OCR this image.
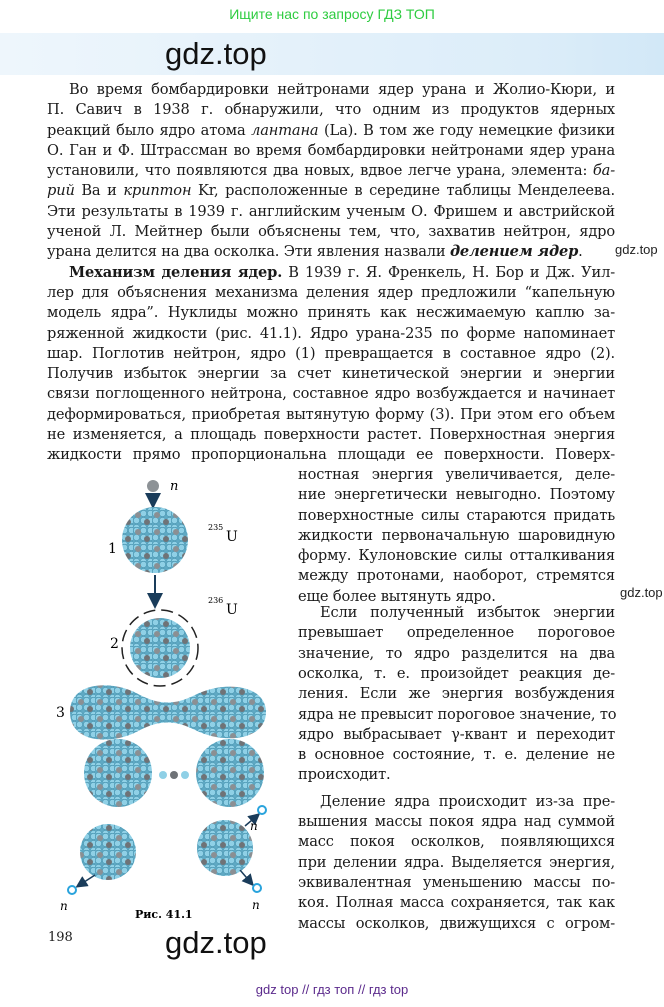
Ищите нас по запросу ГДЗ ТОП
gdz.top
Во время бомбардировки нейтронами ядер урана и Жолио-Кюри, и
П. Савич в 1938 г. обнаружили, что одним из продуктов ядерных
реакций было ядро атома лантана (La). В том же году немецкие физики
О. Ган и Ф. Штрассман во время бомбардировки нейтронами ядер урана
установили, что появляются два новых, вдвое легче урана, элемента: ба-
рий Ва и криптон Kr, расположенные в середине таблицы Менделеева.
Эти результаты в 1939 г. английским ученым О. Фришем и австрийской
ученой Л. Мейтнер были объяснены тем, что, захватив нейтрон, ядро
урана делится на два осколка. Эти явления назвали делением ядер.
Механизм деления ядер. В 1939 г. Я. Френкель, Н. Бор и Дж. Уил-
лер для объяснения механизма деления ядер предложили “капельную
модель ядра”. Нуклиды можно принять как несжимаемую каплю за-
ряженной жидкости (рис. 41.1). Ядро урана-235 по форме напоминает
шар. Поглотив нейтрон, ядро (1) превращается в составное ядро (2).
Получив избыток энергии за счет кинетической энергии и энергии
связи поглощенного нейтрона, составное ядро возбуждается и начинает
деформироваться, приобретая вытянутую форму (3). При этом его объем
не изменяется, а площадь поверхности растет. Поверхностная энергия
жидкости прямо пропорциональна площади ее поверхности. Поверх-
ностная энергия увеличивается, деле-
ние энергетически невыгодно. Поэтому
поверхностные силы стараются придать
жидкости первоначальную шаровидную
форму. Кулоновские силы отталкивания
между протонами, наоборот, стремятся
еще более вытянуть ядро.
Если полученный избыток энергии
превышает определенное пороговое
значение, то ядро разделится на два
осколка, т. е. произойдет реакция де-
ления. Если же энергия возбуждения
ядра не превысит пороговое значение, то
ядро выбрасывает γ-квант и переходит
в основное состояние, т. е. деление не
происходит.
Деление ядра происходит из-за пре-
вышения массы покоя ядра над суммой
масс покоя осколков, появляющихся
при делении ядра. Выделяется энергия,
эквивалентная уменьшению массы по-
коя. Полная масса сохраняется, так как
массы осколков, движущихся с огром-
gdz.top
gdz.top
n
1
235
U
2
236
U
3
n	n
n
Рис. 41.1
198	gdz.top
gdz top // гдз топ // гдз top
